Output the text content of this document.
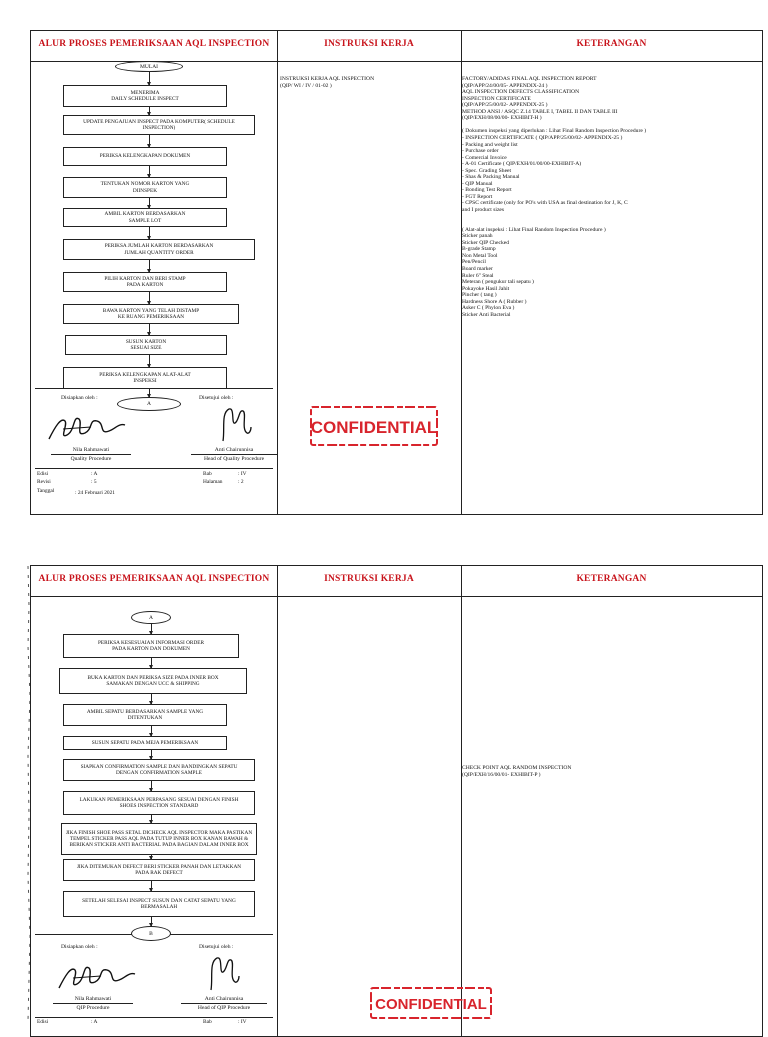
ALUR PROSES PEMERIKSAAN AQL INSPECTION	INSTRUKSI KERJA	KETERANGAN
MULAI
MENERIMA
DAILY SCHEDULE INSPECT
UPDATE PENGAJUAN INSPECT PADA KOMPUTER( SCHEDULE INSPECTION)
PERIKSA KELENGKAPAN DOKUMEN
TENTUKAN NOMOR KARTON YANG
DIINSPEK
AMBIL KARTON BERDASARKAN
SAMPLE LOT
PERIKSA JUMLAH KARTON BERDASARKAN
JUMLAH QUANTITY ORDER
PILIH KARTON DAN BERI STAMP
PADA KARTON
BAWA KARTON YANG TELAH DISTAMP
KE RUANG PEMERIKSAAN
SUSUN KARTON
SESUAI SIZE
PERIKSA KELENGKAPAN ALAT-ALAT
INSPEKSI
A
Disiapkan oleh :	Disetujui oleh :
Nila Rahmawati
Quality Procedure
Anti Chairunnisa
Head of Quality Procedure
Edisi	: A
Revisi	: 5
Tanggal	: 24 Februari 2021
Bab	: IV
Halaman	: 2
INSTRUKSI KERJA AQL INSPECTION
(QIP/ WI / IV / 01-02 )
FACTORY/ADIDAS FINAL AQL INSPECTION REPORT
(QIP/APP/24/00/05- APPENDIX-24 )
AQL INSPECTION DEFECTS CLASSIFICATION
INSPECTION CERTIFICATE
(QIP/APP/25/00/02- APPENDIX-25 )
METHOD ANSI / ASQC Z.14 TABLE I, TABEL II DAN TABLE III
(QIP/EXH/08/00/00- EXHIBIT-H )
( Dokumen inspeksi yang diperlukan : Lihat Final Random Inspection Procedure )
- INSPECTION CERTIFICATE ( QIP/APP/25/00/02- APPENDIX-25 )
- Packing and weight list
- Purchase order
- Comercial Invoice
- A-01 Certificate ( QIP/EXH/01/00/00-EXHIBIT-A)
- Spec. Grading Sheet
- Shas & Packing Manual
- QIP Manual
- Bonding Test Report
- FGT Report
- CPSC certificate (only for PO's with USA as final destination for J, K, C
and I product sizes
( Alat-alat inspeksi : Lihat Final Random Inspection Procedure )
Sticker panah
Sticker QIP Checked
B-grade Stamp
Non Metal Tool
Pen/Pencil
Board marker
Ruler 6" Steal
Meteran ( pengukur tali sepatu )
Pokayoke Hasil Jahit
Pincher ( tang )
Hardness Shore A ( Rubber )
Asker C ( Phylon Eva )
Sticker Anti Bacterial
CONFIDENTIAL
ALUR PROSES PEMERIKSAAN AQL INSPECTION	INSTRUKSI KERJA	KETERANGAN
A
PERIKSA KESESUAIAN INFORMASI ORDER
PADA KARTON DAN DOKUMEN
BUKA KARTON DAN PERIKSA SIZE PADA INNER BOX
SAMAKAN DENGAN UCC & SHIPPING
AMBIL SEPATU BERDASARKAN SAMPLE YANG
DITENTUKAN
SUSUN SEPATU PADA MEJA PEMERIKSAAN
SIAPKAN CONFIRMATION SAMPLE DAN BANDINGKAN SEPATU
DENGAN CONFIRMATION SAMPLE
LAKUKAN PEMERIKSAAN PERPASANG SESUAI DENGAN FINISH
SHOES INSPECTION STANDARD
JIKA FINISH SHOE PASS SETAL DICHECK AQL INSPECTOR MAKA PASTIKAN TEMPEL STICKER PASS AQL PADA TUTUP INNER BOX KANAN BAWAH & BERIKAN STICKER ANTI BACTERIAL PADA BAGIAN DALAM INNER BOX
JIKA DITEMUKAN DEFECT BERI STICKER PANAH DAN LETAKKAN
PADA RAK DEFECT
SETELAH SELESAI INSPECT SUSUN DAN CATAT SEPATU YANG
BERMASALAH
B
Disiapkan oleh :	Disetujui oleh :
Nila Rahmawati
QIP Procedure
Anti Chairunnisa
Head of QIP Procedure
Edisi	: A	Bab	: IV
CHECK POINT AQL RANDOM INSPECTION
(QIP/EXH/16/00/01- EXHIBIT-P )
CONFIDENTIAL
